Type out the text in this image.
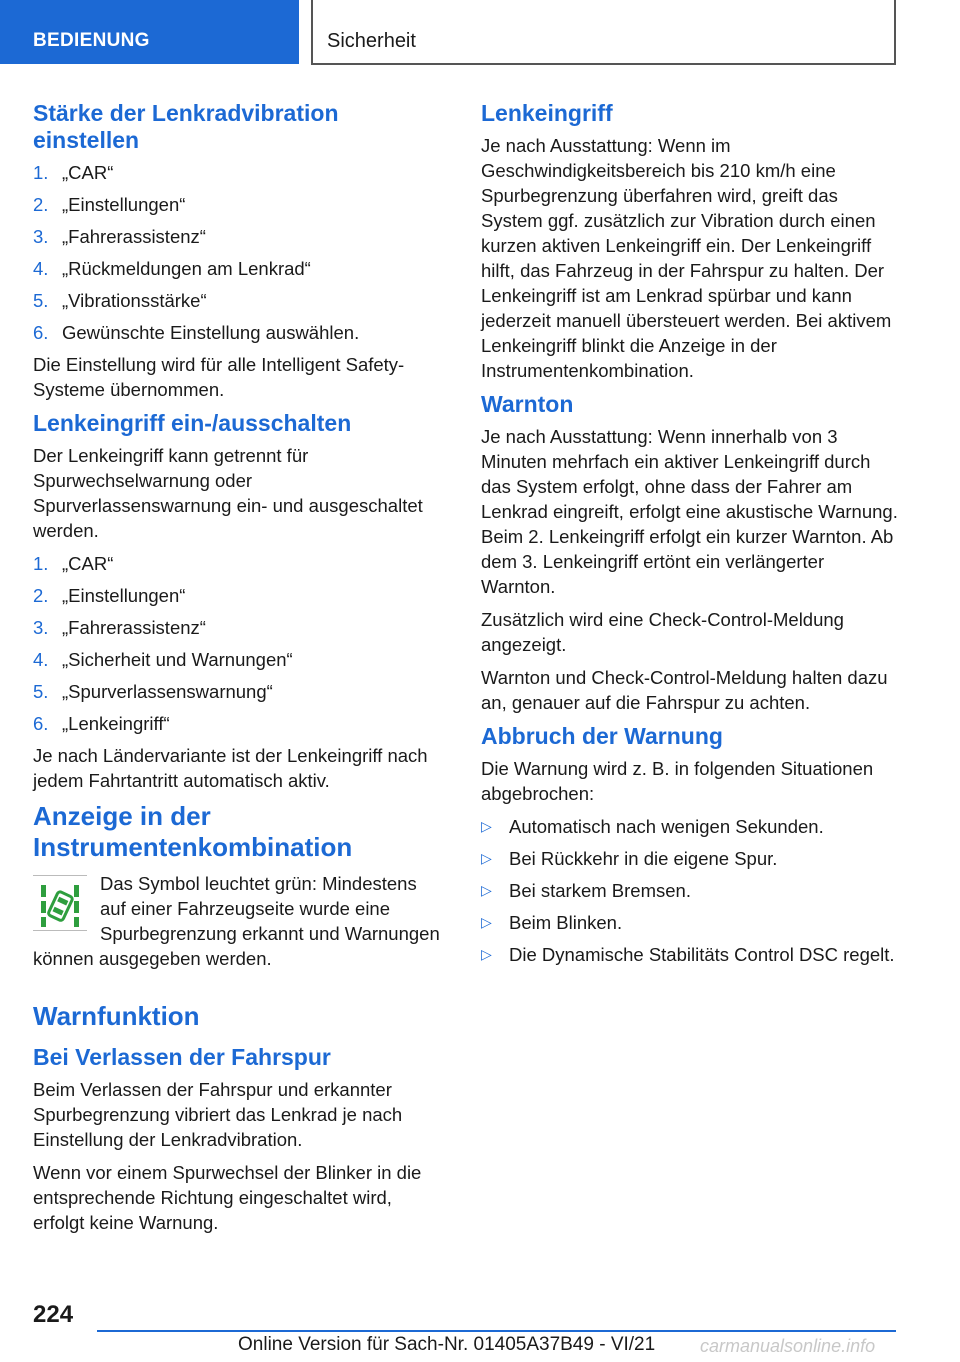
BEDIENUNG	Sicherheit
Stärke der Lenkradvibration einstellen
1. „CAR“
2. „Einstellungen“
3. „Fahrerassistenz“
4. „Rückmeldungen am Lenkrad“
5. „Vibrationsstärke“
6. Gewünschte Einstellung auswählen.

Die Einstellung wird für alle Intelligent Safety-Systeme übernommen.

Lenkeingriff ein-/ausschalten

Der Lenkeingriff kann getrennt für Spurwechselwarnung oder Spurverlassenswarnung ein- und ausgeschaltet werden.

1. „CAR“
2. „Einstellungen“
3. „Fahrerassistenz“
4. „Sicherheit und Warnungen“
5. „Spurverlassenswarnung“
6. „Lenkeingriff“

Je nach Ländervariante ist der Lenkeingriff nach jedem Fahrtantritt automatisch aktiv.

Anzeige in der Instrumentenkombination

Das Symbol leuchtet grün: Mindestens auf einer Fahrzeugseite wurde eine Spurbegrenzung erkannt und Warnungen können ausgegeben werden.

Warnfunktion
Bei Verlassen der Fahrspur

Beim Verlassen der Fahrspur und erkannter Spurbegrenzung vibriert das Lenkrad je nach Einstellung der Lenkradvibration.

Wenn vor einem Spurwechsel der Blinker in die entsprechende Richtung eingeschaltet wird, erfolgt keine Warnung.

Lenkeingriff

Je nach Ausstattung: Wenn im Geschwindigkeitsbereich bis 210 km/h eine Spurbegrenzung überfahren wird, greift das System ggf. zusätzlich zur Vibration durch einen kurzen aktiven Lenkeingriff ein. Der Lenkeingriff hilft, das Fahrzeug in der Fahrspur zu halten. Der Lenkeingriff ist am Lenkrad spürbar und kann jederzeit manuell übersteuert werden. Bei aktivem Lenkeingriff blinkt die Anzeige in der Instrumentenkombination.

Warnton

Je nach Ausstattung: Wenn innerhalb von 3 Minuten mehrfach ein aktiver Lenkeingriff durch das System erfolgt, ohne dass der Fahrer am Lenkrad eingreift, erfolgt eine akustische Warnung. Beim 2. Lenkeingriff erfolgt ein kurzer Warnton. Ab dem 3. Lenkeingriff ertönt ein verlängerter Warnton.

Zusätzlich wird eine Check-Control-Meldung angezeigt.

Warnton und Check-Control-Meldung halten dazu an, genauer auf die Fahrspur zu achten.

Abbruch der Warnung

Die Warnung wird z. B. in folgenden Situationen abgebrochen:

▷ Automatisch nach wenigen Sekunden.
▷ Bei Rückkehr in die eigene Spur.
▷ Bei starkem Bremsen.
▷ Beim Blinken.
▷ Die Dynamische Stabilitäts Control DSC regelt.
224
Online Version für Sach-Nr. 01405A37B49 - VI/21 carmanualsonline.info
